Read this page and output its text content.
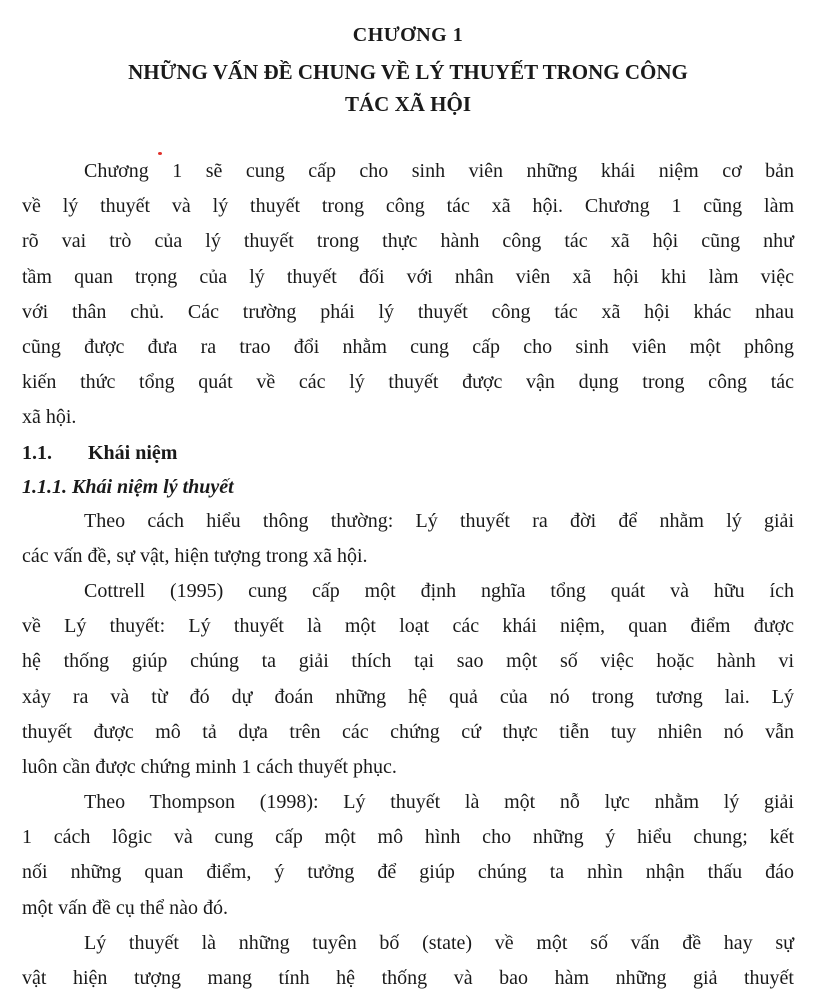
CHƯƠNG 1
NHỮNG VẤN ĐỀ CHUNG VỀ LÝ THUYẾT TRONG CÔNG
TÁC XÃ HỘI
Chương 1 sẽ cung cấp cho sinh viên những khái niệm cơ bản
về lý thuyết và lý thuyết trong công tác xã hội. Chương 1 cũng làm
rõ vai trò của lý thuyết trong thực hành công tác xã hội cũng như
tầm quan trọng của lý thuyết đối với nhân viên xã hội khi làm việc
với thân chủ. Các trường phái lý thuyết công tác xã hội khác nhau
cũng được đưa ra trao đổi nhằm cung cấp cho sinh viên một phông
kiến thức tổng quát về các lý thuyết được vận dụng trong công tác
xã hội.
1.1. Khái niệm
1.1.1. Khái niệm lý thuyết
Theo cách hiểu thông thường: Lý thuyết ra đời để nhằm lý giải
các vấn đề, sự vật, hiện tượng trong xã hội.
Cottrell (1995) cung cấp một định nghĩa tổng quát và hữu ích
về Lý thuyết: Lý thuyết là một loạt các khái niệm, quan điểm được
hệ thống giúp chúng ta giải thích tại sao một số việc hoặc hành vi
xảy ra và từ đó dự đoán những hệ quả của nó trong tương lai. Lý
thuyết được mô tả dựa trên các chứng cứ thực tiễn tuy nhiên nó vẫn
luôn cần được chứng minh 1 cách thuyết phục.
Theo Thompson (1998): Lý thuyết là một nỗ lực nhằm lý giải
1 cách lôgic và cung cấp một mô hình cho những ý hiểu chung; kết
nối những quan điểm, ý tưởng để giúp chúng ta nhìn nhận thấu đáo
một vấn đề cụ thể nào đó.
Lý thuyết là những tuyên bố (state) về một số vấn đề hay sự
vật hiện tượng mang tính hệ thống và bao hàm những giả thuyết
